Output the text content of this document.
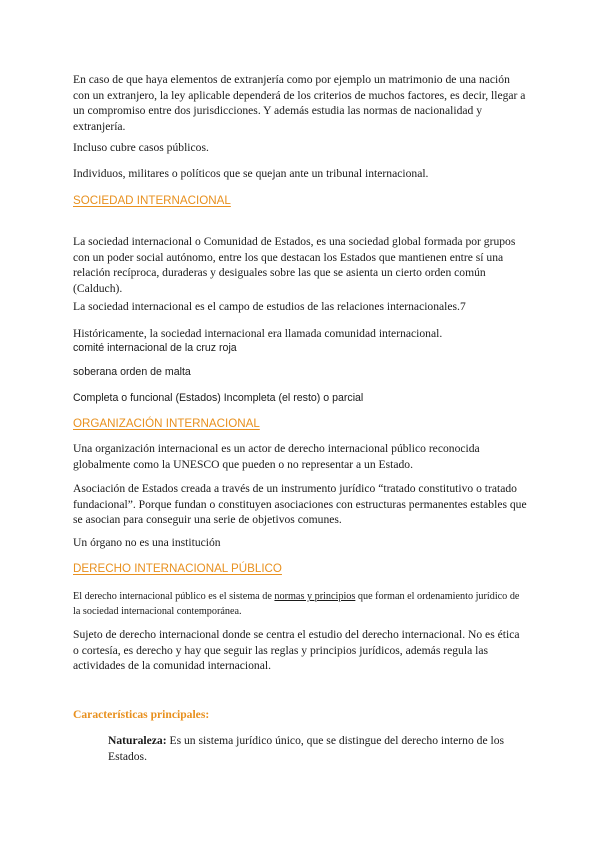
En caso de que haya elementos de extranjería como por ejemplo un matrimonio de una nación con un extranjero, la ley aplicable dependerá de los criterios de muchos factores, es decir, llegar a un compromiso entre dos jurisdicciones. Y además estudia las normas de nacionalidad y extranjería.

Incluso cubre casos públicos.

Individuos, militares o políticos que se quejan ante un tribunal internacional.

SOCIEDAD INTERNACIONAL

La sociedad internacional o Comunidad de Estados, es una sociedad global formada por grupos con un poder social autónomo, entre los que destacan los Estados que mantienen entre sí una relación recíproca, duraderas y desiguales sobre las que se asienta un cierto orden común (Calduch).

La sociedad internacional es el campo de estudios de las relaciones internacionales.7

Históricamente, la sociedad internacional era llamada comunidad internacional.

comité internacional de la cruz roja

soberana orden de malta

Completa o funcional (Estados) Incompleta (el resto) o parcial

ORGANIZACIÓN INTERNACIONAL

Una organización internacional es un actor de derecho internacional público reconocida globalmente como la UNESCO que pueden o no representar a un Estado.

Asociación de Estados creada a través de un instrumento jurídico “tratado constitutivo o tratado fundacional”. Porque fundan o constituyen asociaciones con estructuras permanentes estables que se asocian para conseguir una serie de objetivos comunes.

Un órgano no es una institución

DERECHO INTERNACIONAL PÚBLICO

El derecho internacional público es el sistema de normas y principios que forman el ordenamiento jurídico de la sociedad internacional contemporánea.

Sujeto de derecho internacional donde se centra el estudio del derecho internacional. No es ética o cortesía, es derecho y hay que seguir las reglas y principios jurídicos, además regula las actividades de la comunidad internacional.

Características principales:

Naturaleza: Es un sistema jurídico único, que se distingue del derecho interno de los Estados.
